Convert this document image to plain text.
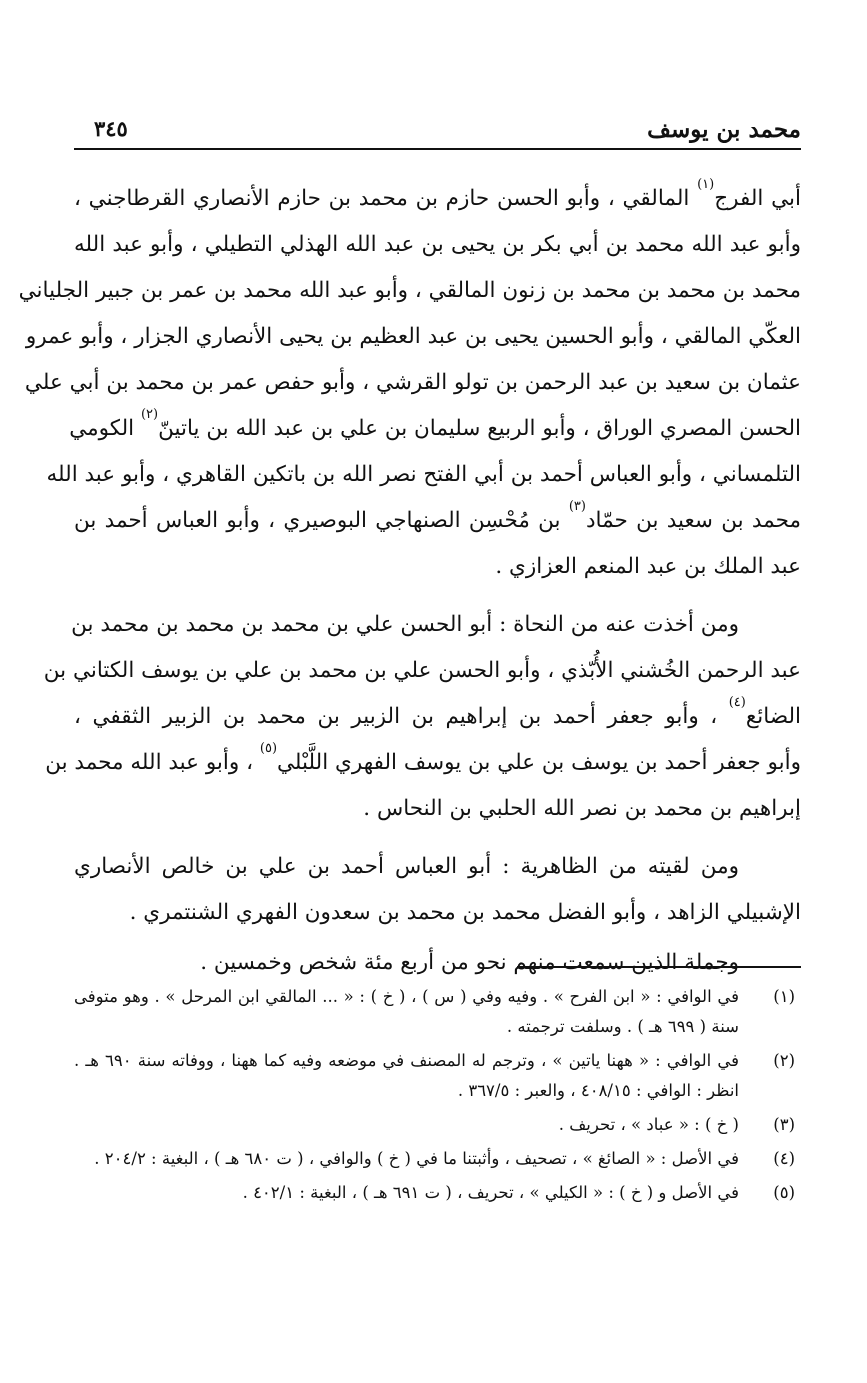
محمد بن يوسف
٣٤٥
أبي الفرج$^{(١)}$ المالقي ، وأبو الحسن حازم بن محمد بن حازم الأنصاري القرطاجني ،
وأبو عبد الله محمد بن أبي بكر بن يحيى بن عبد الله الهذلي التطيلي ، وأبو عبد الله
محمد بن محمد بن محمد بن زنون المالقي ، وأبو عبد الله محمد بن عمر بن جبير الجلياني
العكّي المالقي ، وأبو الحسين يحيى بن عبد العظيم بن يحيى الأنصاري الجزار ، وأبو عمرو
عثمان بن سعيد بن عبد الرحمن بن تولو القرشي ، وأبو حفص عمر بن محمد بن أبي علي
الحسن المصري الوراق ، وأبو الربيع سليمان بن علي بن عبد الله بن ياتينّ$^{(٢)}$ الكومي
التلمساني ، وأبو العباس أحمد بن أبي الفتح نصر الله بن باتكين القاهري ، وأبو عبد الله
محمد بن سعيد بن حمّاد$^{(٣)}$ بن مُحْسِن الصنهاجي البوصيري ، وأبو العباس أحمد بن
عبد الملك بن عبد المنعم العزازي .
ومن أخذت عنه من النحاة : أبو الحسن علي بن محمد بن محمد بن محمد بن
عبد الرحمن الخُشني الأُبّذي ، وأبو الحسن علي بن محمد بن علي بن يوسف الكتاني بن
الضائع$^{(٤)}$ ، وأبو جعفر أحمد بن إبراهيم بن الزبير بن محمد بن الزبير الثقفي ،
وأبو جعفر أحمد بن يوسف بن علي بن يوسف الفهري اللَّبْلي$^{(٥)}$ ، وأبو عبد الله محمد بن
إبراهيم بن محمد بن نصر الله الحلبي بن النحاس .
ومن لقيته من الظاهرية : أبو العباس أحمد بن علي بن خالص الأنصاري
الإشبيلي الزاهد ، وأبو الفضل محمد بن محمد بن سعدون الفهري الشنتمري .
وجملة الذين سمعت منهم نحو من أربع مئة شخص وخمسين .
(١)
في الوافي : « ابن الفرح » . وفيه وفي ( س ) ، ( خ ) : « ... المالقي ابن المرحل » . وهو متوفى
سنة ( ٦٩٩ هـ ) . وسلفت ترجمته .
(٢)
في الوافي : « ههنا ياتين » ، وترجم له المصنف في موضعه وفيه كما ههنا ، ووفاته سنة ٦٩٠ هـ .
انظر : الوافي : ٤٠٨/١٥ ، والعبر : ٣٦٧/٥ .
(٣)
( خ ) : « عباد » ، تحريف .
(٤)
في الأصل : « الصائغ » ، تصحيف ، وأثبتنا ما في ( خ ) والوافي ، ( ت ٦٨٠ هـ ) ، البغية : ٢٠٤/٢ .
(٥)
في الأصل و ( خ ) : « الكيلي » ، تحريف ، ( ت ٦٩١ هـ ) ، البغية : ٤٠٢/١ .
